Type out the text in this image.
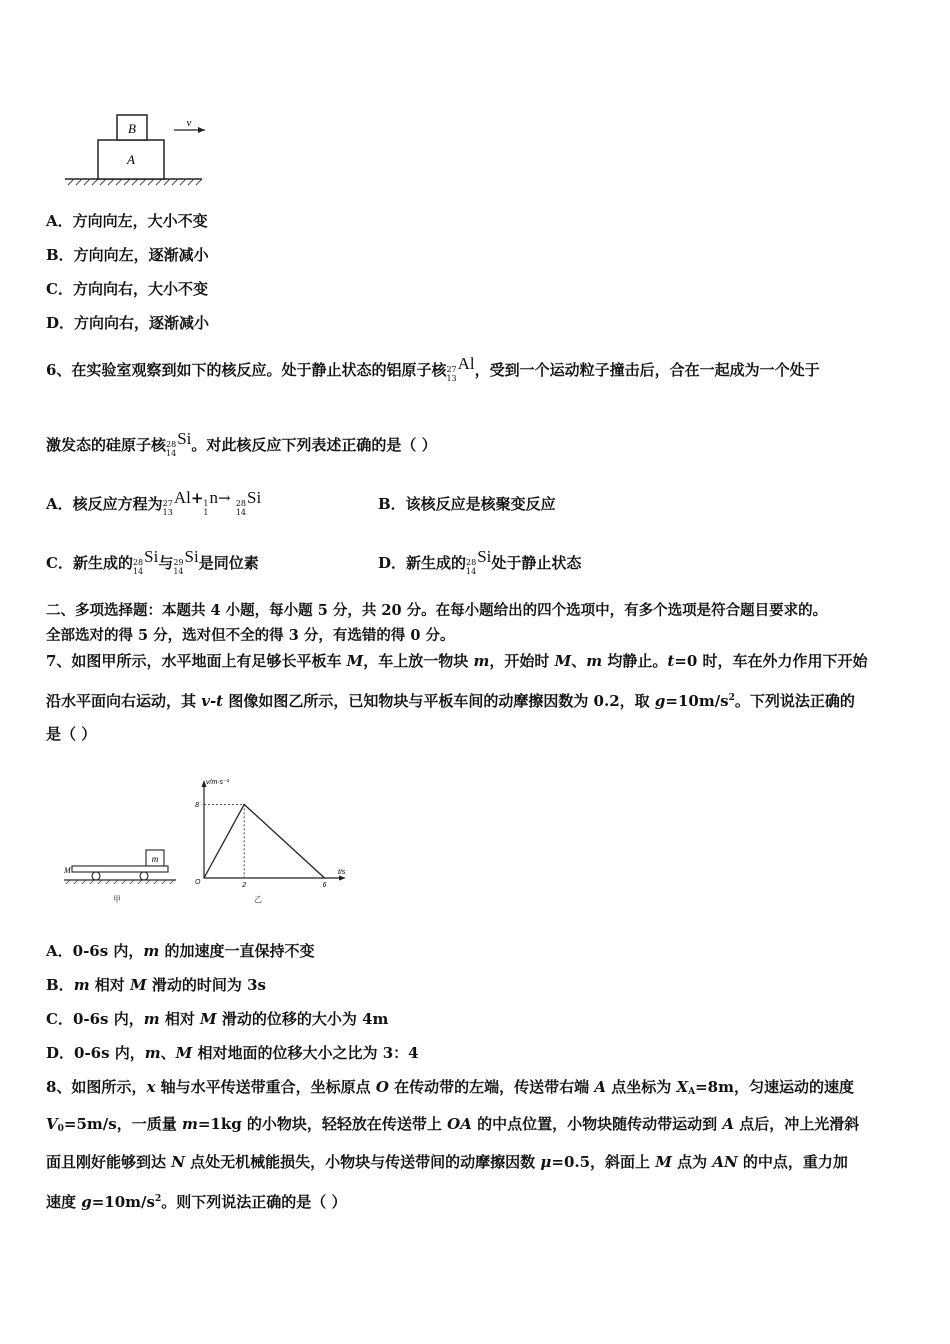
B
A
v
A．方向向左，大小不变
B．方向向左，逐渐减小
C．方向向右，大小不变
D．方向向右，逐渐减小
6、在实验室观察到如下的核反应。处于静止状态的铝原子核 27
13
Al，受到一个运动粒子撞击后，合在一起成为一个处于
激发态的硅原子核 28
14
Si。对此核反应下列表述正确的是（ ）
A．核反应方程为 27
13
Al+ 1
1
n→ 28
14
Si	B．该核反应是核聚变反应
C．新生成的 28
14
Si与 29
14
Si是同位素	D．新生成的 28
14
Si处于静止状态
二、多项选择题：本题共 4 小题，每小题 5 分，共 20 分。在每小题给出的四个选项中，有多个选项是符合题目要求的。
全部选对的得 5 分，选对但不全的得 3 分，有选错的得 0 分。
7、如图甲所示，水平地面上有足够长平板车 M，车上放一物块 m，开始时 M、m 均静止。t=0 时，车在外力作用下开始
沿水平面向右运动，其 v-t 图像如图乙所示，已知物块与平板车间的动摩擦因数为 0.2，取 $g=10m/s^2$。下列说法正确的
是（ ）
m
M
甲
v/m·s⁻¹
t/s
O
乙
2	6
8
A．0-6s 内，m 的加速度一直保持不变
B．m 相对 M 滑动的时间为 3s
C．0-6s 内，m 相对 M 滑动的位移的大小为 4m
D．0-6s 内，m、M 相对地面的位移大小之比为 3：4
8、如图所示，x 轴与水平传送带重合，坐标原点 O 在传动带的左端，传送带右端 A 点坐标为 $X_A=8m$，匀速运动的速度
$V_0=5m/s$，一质量 m=1kg 的小物块，轻轻放在传送带上 OA 的中点位置，小物块随传动带运动到 A 点后，冲上光滑斜
面且刚好能够到达 N 点处无机械能损失，小物块与传送带间的动摩擦因数 μ=0.5，斜面上 M 点为 AN 的中点，重力加
速度 $g=10m/s^2$。则下列说法正确的是（ ）
